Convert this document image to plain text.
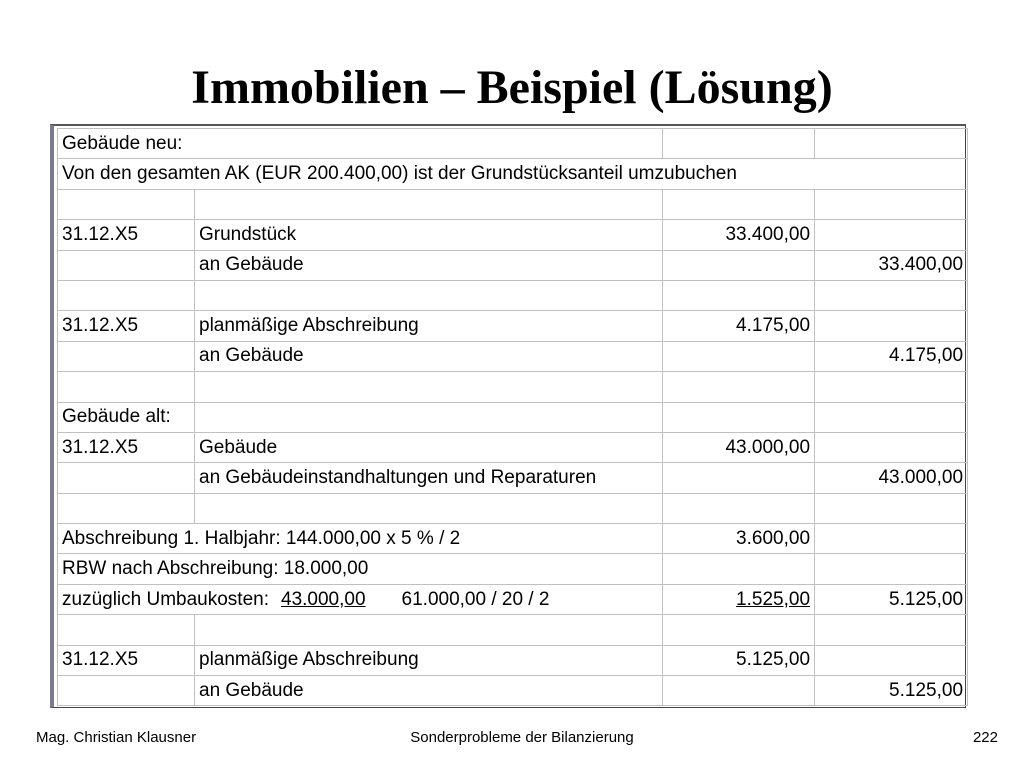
Immobilien – Beispiel (Lösung)
Gebäude neu:			
Von den gesamten AK (EUR 200.400,00) ist der Grundstücksanteil umzubuchen			

31.12.X5	Grundstück	33.400,00	
	an Gebäude		33.400,00

31.12.X5	planmäßige Abschreibung	4.175,00	
	an Gebäude		4.175,00

Gebäude alt:			
31.12.X5	Gebäude	43.000,00	
	an Gebäudeinstandhaltungen und Reparaturen		43.000,00

Abschreibung 1. Halbjahr: 144.000,00 x 5 % / 2		3.600,00	
RBW nach Abschreibung: 18.000,00			
zuzüglich Umbaukosten: 43.000,00 61.000,00 / 20 / 2		1.525,00	5.125,00

31.12.X5	planmäßige Abschreibung	5.125,00	
	an Gebäude		5.125,00
Mag. Christian Klausner	Sonderprobleme der Bilanzierung	222
